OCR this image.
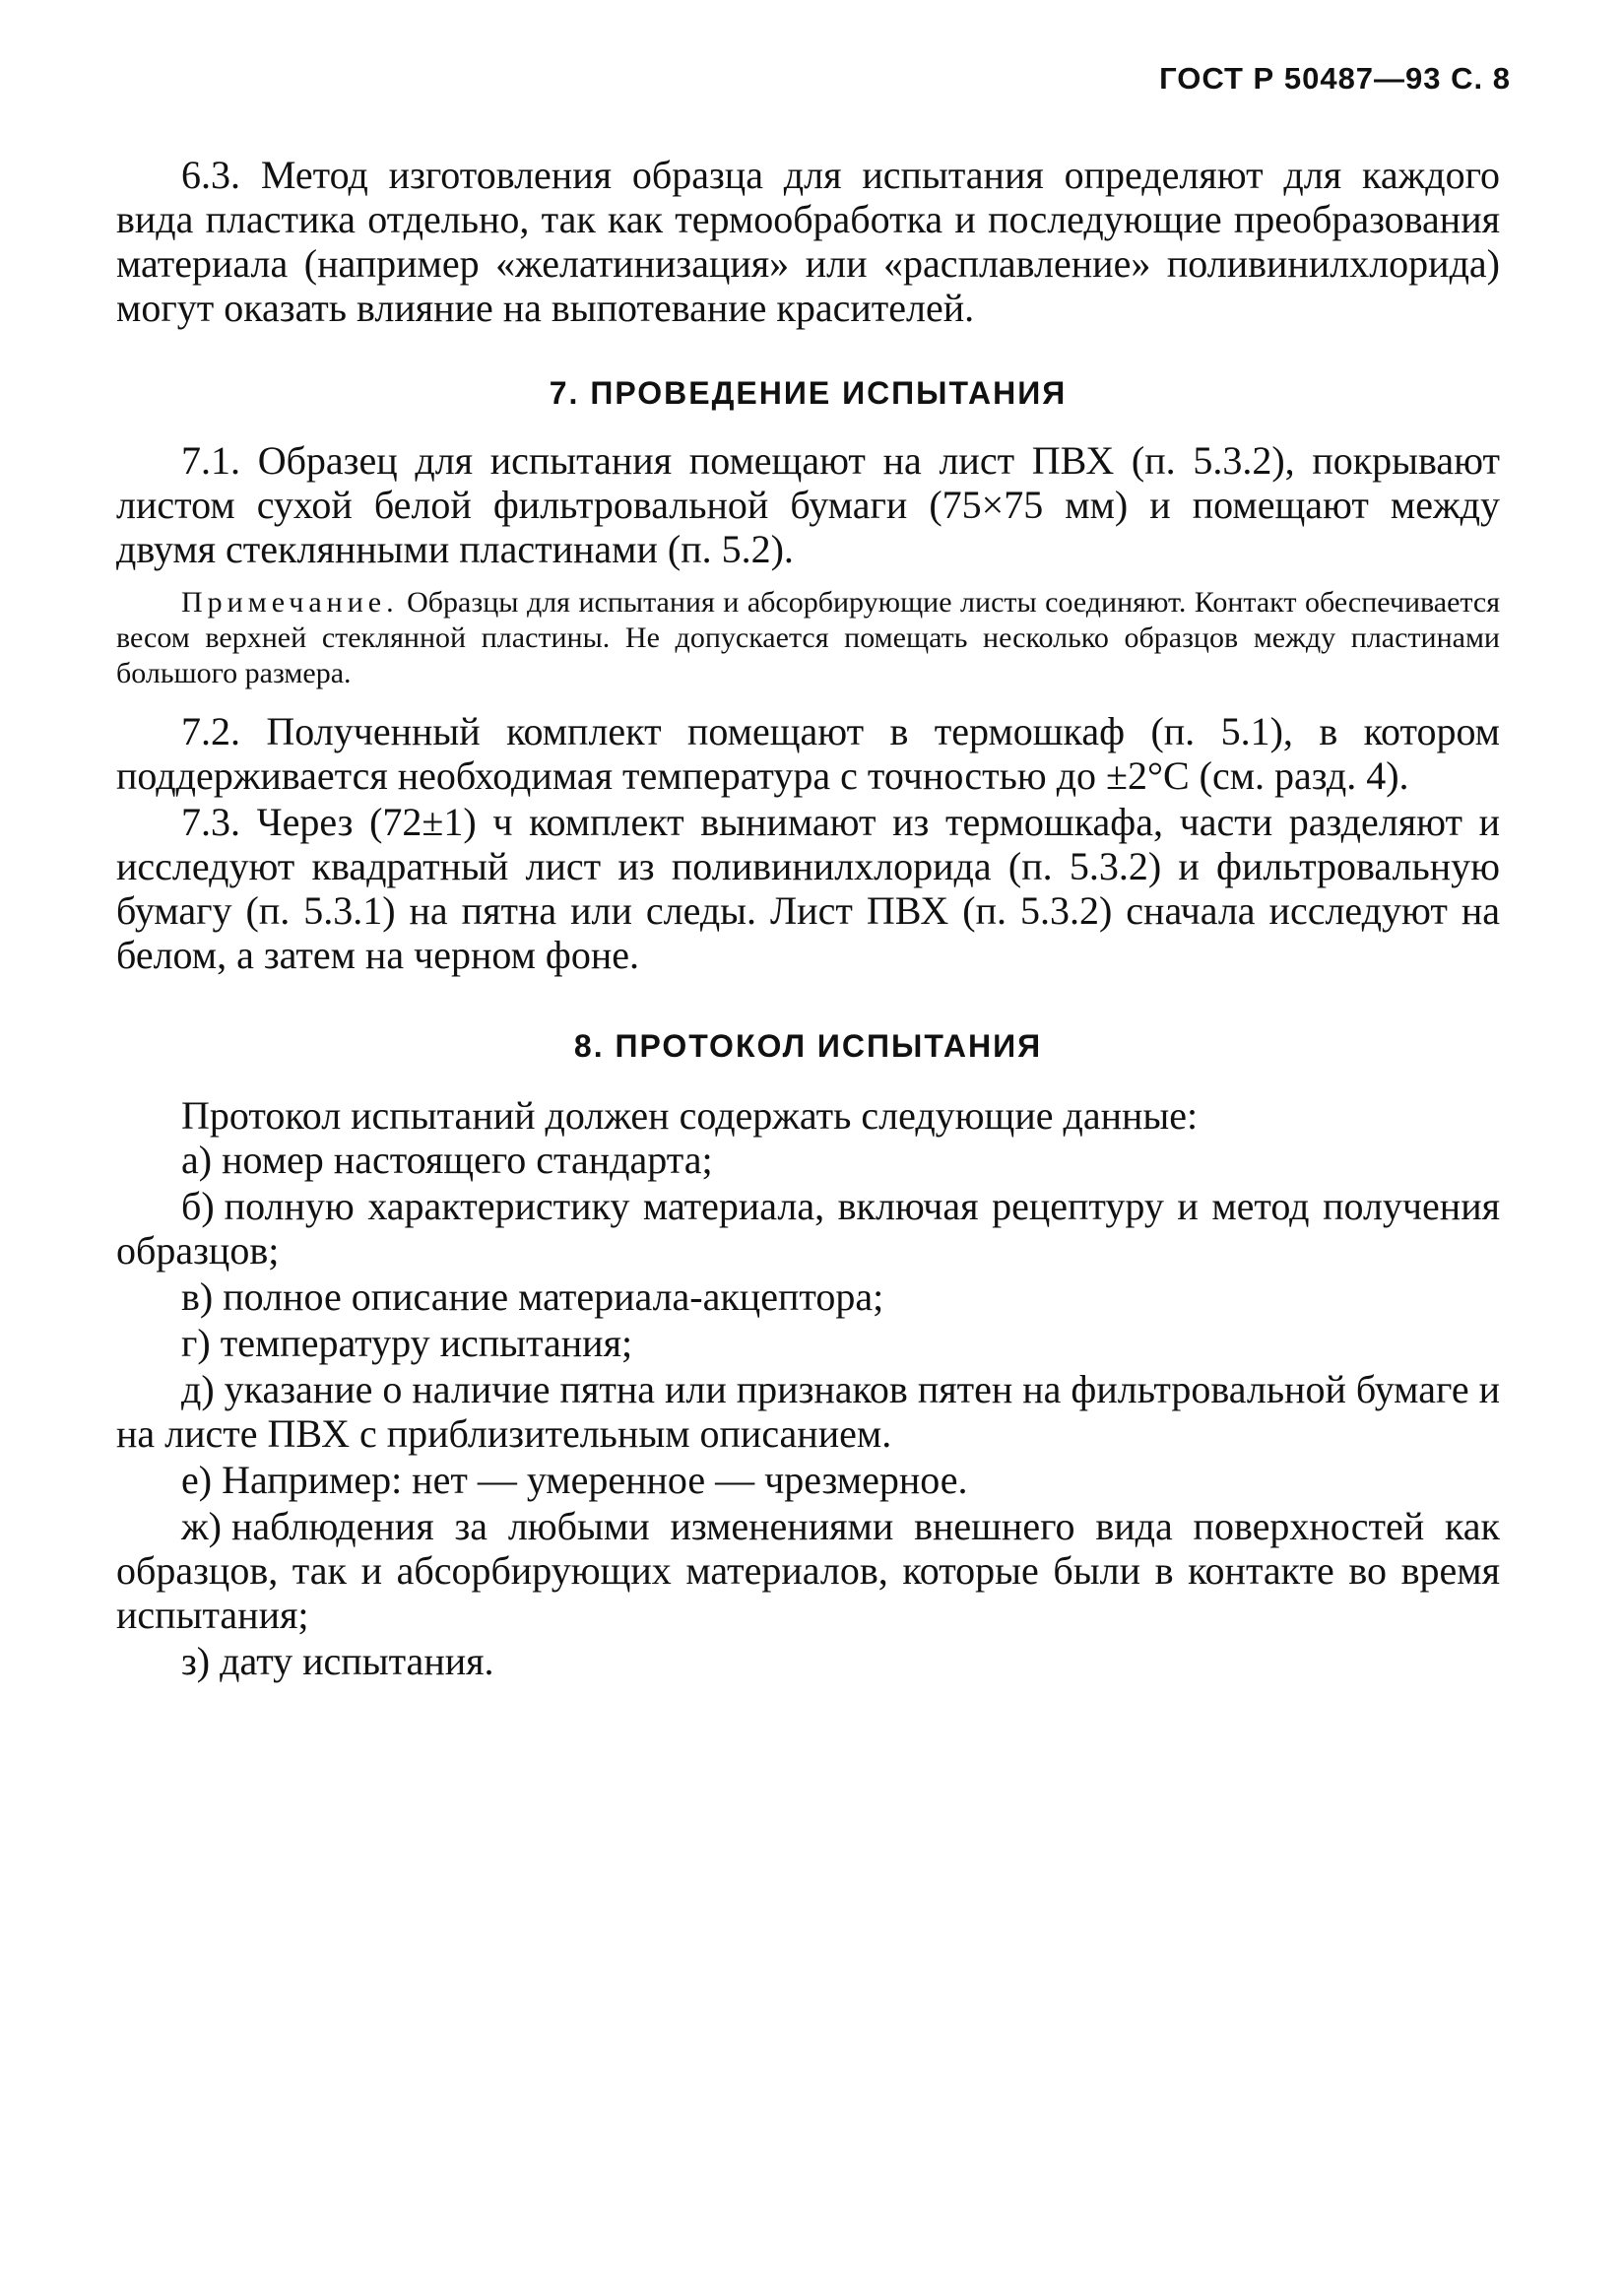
ГОСТ Р 50487—93 С. 8

6.3. Метод изготовления образца для испытания определяют для каждого вида пластика отдельно, так как термообработка и последующие преобразования материала (например «желатинизация» или «расплавление» поливинилхлорида) могут оказать влияние на выпотевание красителей.

7. ПРОВЕДЕНИЕ ИСПЫТАНИЯ

7.1. Образец для испытания помещают на лист ПВХ (п. 5.3.2), покрывают листом сухой белой фильтровальной бумаги (75×75 мм) и помещают между двумя стеклянными пластинами (п. 5.2).

Примечание. Образцы для испытания и абсорбирующие листы соединяют. Контакт обеспечивается весом верхней стеклянной пластины. Не допускается помещать несколько образцов между пластинами большого размера.

7.2. Полученный комплект помещают в термошкаф (п. 5.1), в котором поддерживается необходимая температура с точностью до ±2°C (см. разд. 4).

7.3. Через (72±1) ч комплект вынимают из термошкафа, части разделяют и исследуют квадратный лист из поливинилхлорида (п. 5.3.2) и фильтровальную бумагу (п. 5.3.1) на пятна или следы. Лист ПВХ (п. 5.3.2) сначала исследуют на белом, а затем на черном фоне.

8. ПРОТОКОЛ ИСПЫТАНИЯ

Протокол испытаний должен содержать следующие данные:

а) номер настоящего стандарта;

б) полную характеристику материала, включая рецептуру и метод получения образцов;

в) полное описание материала-акцептора;

г) температуру испытания;

д) указание о наличие пятна или признаков пятен на фильтровальной бумаге и на листе ПВХ с приблизительным описанием.

е) Например: нет — умеренное — чрезмерное.

ж) наблюдения за любыми изменениями внешнего вида поверхностей как образцов, так и абсорбирующих материалов, которые были в контакте во время испытания;

з) дату испытания.
